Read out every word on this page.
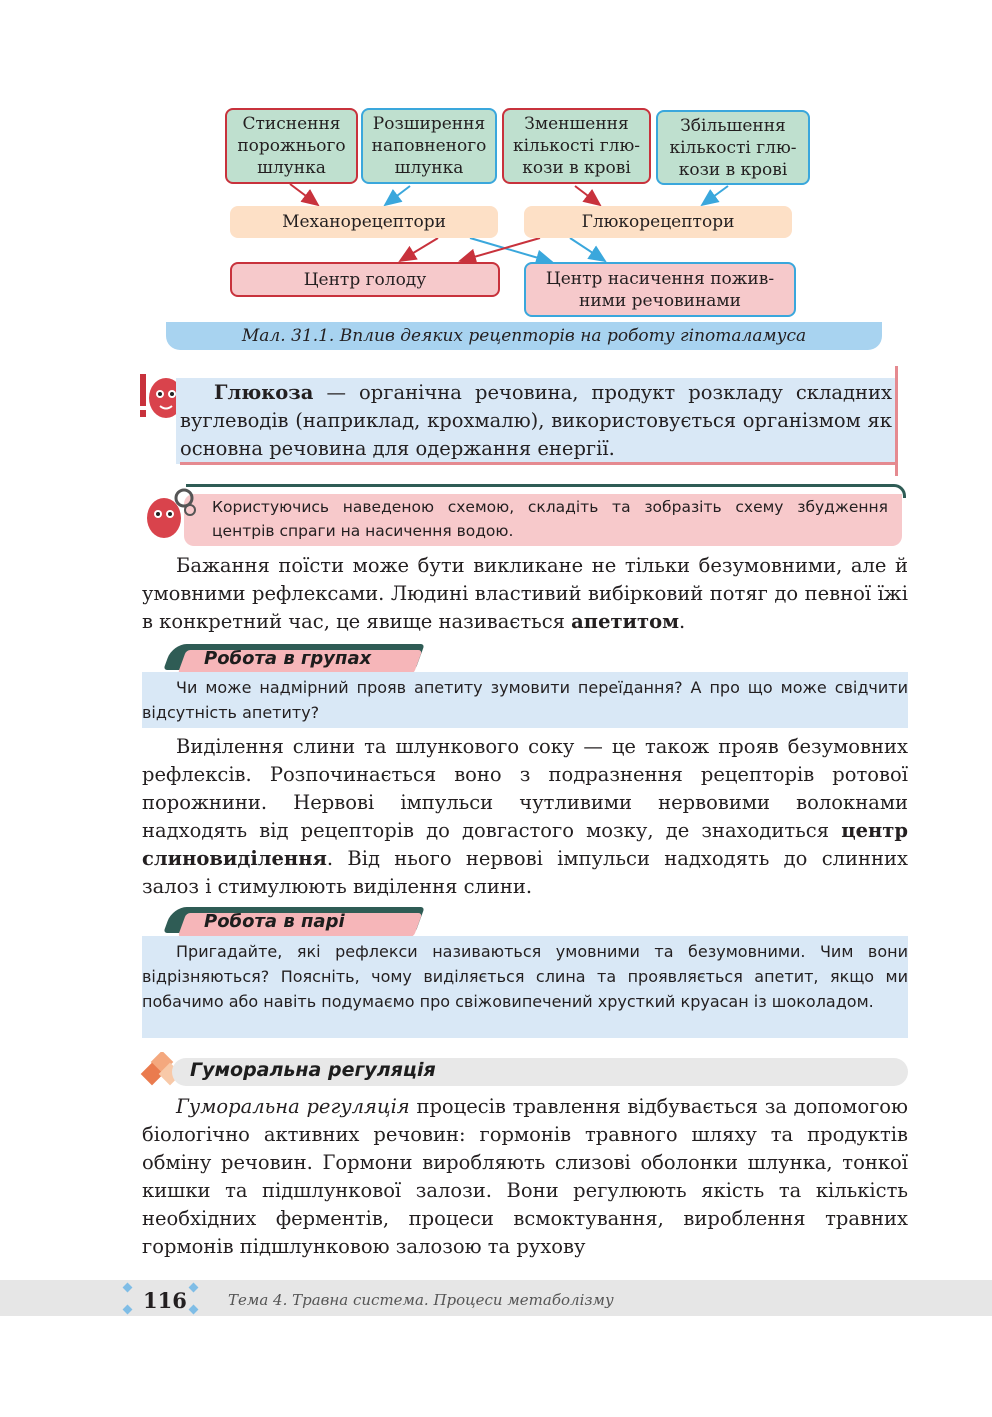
Стиснення порожнього шлунка
Розширення наповненого шлунка
Зменшення кількості глю-кози в крові
Збільшення кількості глю-кози в крові
Механорецептори	Глюкорецептори
Центр голоду	Центр насичення пожив-ними речовинами
Мал. 31.1. Вплив деяких рецепторів на роботу гіпоталамуса
Глюкоза — органічна речовина, продукт розкладу складних вуглеводів (наприклад, крохмалю), використовується організмом як основна речовина для одержання енергії.
Користуючись наведеною схемою, складіть та зобразіть схему збудження центрів спраги на насичення водою.
Бажання поїсти може бути викликане не тільки безумовними, але й умовними рефлексами. Людині властивий вибірковий потяг до певної їжі в конкретний час, це явище називається апетитом.
Робота в групах
Чи може надмірний прояв апетиту зумовити переїдання? А про що може свідчити відсутність апетиту?
Виділення слини та шлункового соку — це також прояв безумовних рефлексів. Розпочинається воно з подразнення рецепторів ротової порожнини. Нервові імпульси чутливими нервовими волокнами надходять від рецепторів до довгастого мозку, де знаходиться центр слиновиділення. Від нього нервові імпульси надходять до слинних залоз і стимулюють виділення слини.
Робота в парі
Пригадайте, які рефлекси називаються умовними та безумовними. Чим вони відрізняються? Поясніть, чому виділяється слина та проявляється апетит, якщо ми побачимо або навіть подумаємо про свіжовипечений хрусткий круасан із шоколадом.
Гуморальна регуляція
Гуморальна регуляція процесів травлення відбувається за допомогою біологічно активних речовин: гормонів травного шляху та продуктів обміну речовин. Гормони виробляють слизові оболонки шлунка, тонкої кишки та підшлункової залози. Вони регулюють якість та кількість необхідних ферментів, процеси всмоктування, вироблення травних гормонів підшлунковою залозою та рухову
116	Тема 4. Травна система. Процеси метаболізму
